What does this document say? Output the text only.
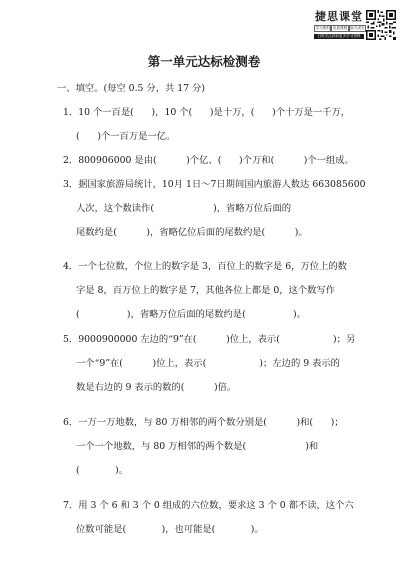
捷思课堂
学习资料 优质课程 助力成长
扫码关注获取更多学习资料
第一单元达标检测卷
一、填空。(每空 0.5 分，共 17 分)
1．10 个一百是(      )，10 个(      )是十万，(      )个十万是一千万，
(      )个一百万是一亿。
2．800906000 是由(          )个亿、(      )个万和(          )个一组成。
3．据国家旅游局统计，10月 1日～7日期间国内旅游人数达 663085600
人次，这个数读作(                    )，省略万位后面的
尾数约是(          )，省略亿位后面的尾数约是(          )。
4．一个七位数，个位上的数字是 3，百位上的数字是 6，万位上的数
字是 8，百万位上的数字是 7，其他各位上都是 0，这个数写作
(                )，省略万位后面的尾数约是(                )。
5．9000900000 左边的“9”在(          )位上，表示(                  )；另
一个“9”在(          )位上，表示(                  )；左边的 9 表示的
数是右边的 9 表示的数的(          )倍。
6．一万一万地数，与 80 万相邻的两个数分别是(          )和(      )；
一个一个地数，与 80 万相邻的两个数是(                    )和
(            )。
7．用 3 个 6 和 3 个 0 组成的六位数，要求这 3 个 0 都不读，这个六
位数可能是(            )，也可能是(            )。
